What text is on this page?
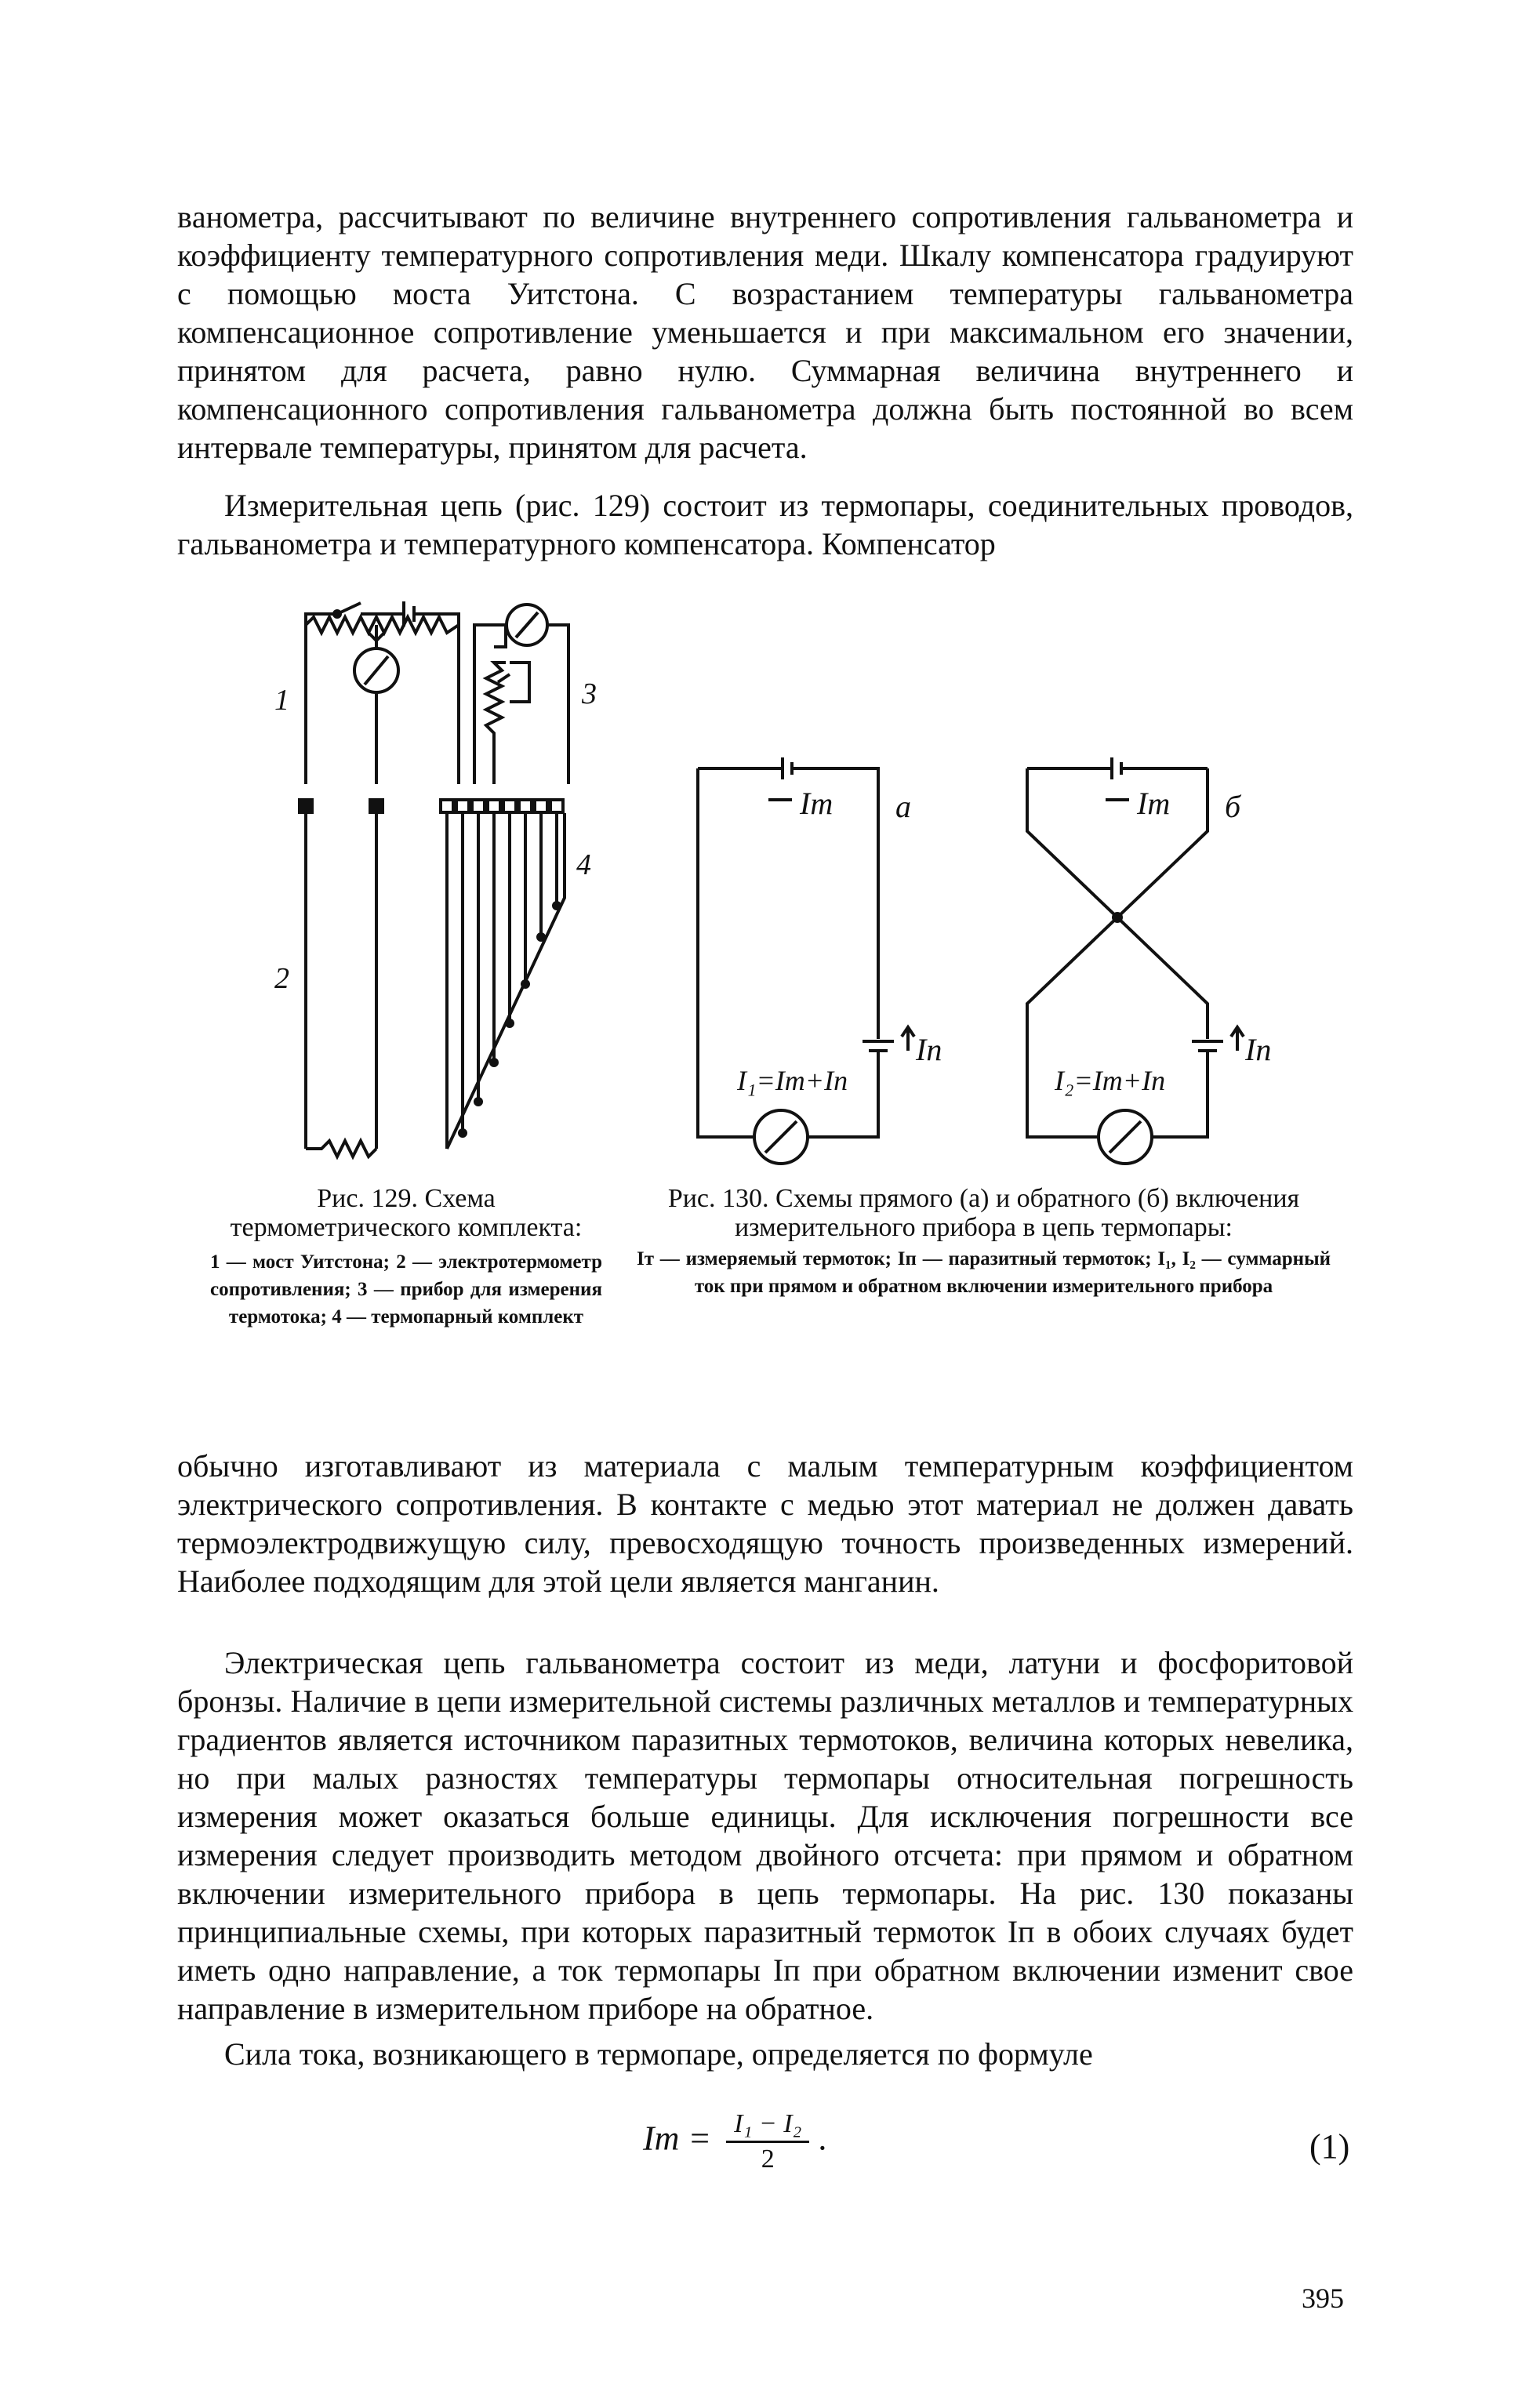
вaнометра, рассчитывают по величине внутреннего сопротивления гальванометра и коэффициенту температурного сопротивления меди. Шкалу компенсатора градуируют с помощью моста Уитстона. С возрастанием температуры гальванометра компенсационное сопротивление уменьшается и при максимальном его значении, принятом для расчета, равно нулю. Суммарная величина внутреннего и компенсационного сопротивления гальванометра должна быть постоянной во всем интервале температуры, принятом для расчета.
Измерительная цепь (рис. 129) состоит из термопары, соединительных проводов, гальванометра и температурного компенсатора. Компенсатор
1	3
4
2
Iт а
Iп
I₁=Iт+Iп
Iт б
Iп
I₂=Iт+Iп
Рис. 129. Схема термометрического комплекта:
1 — мост Уитстона; 2 — электротермометр сопротивления; 3 — прибор для измерения термотока; 4 — термопарный комплект
Рис. 130. Схемы прямого (а) и обратного (б) включения измерительного прибора в цепь термопары:
Iт — измеряемый термоток; Iп — паразитный термоток; I₁, I₂ — суммарный ток при прямом и обратном включении измерительного прибора
обычно изготавливают из материала с малым температурным коэффициентом электрического сопротивления. В контакте с медью этот материал не должен давать термоэлектродвижущую силу, превосходящую точность произведенных измерений. Наиболее подходящим для этой цели является манганин.
Электрическая цепь гальванометра состоит из меди, латуни и фосфоритовой бронзы. Наличие в цепи измерительной системы различных металлов и температурных градиентов является источником паразитных термотоков, величина которых невелика, но при малых разностях температуры термопары относительная погрешность измерения может оказаться больше единицы. Для исключения погрешности все измерения следует производить методом двойного отсчета: при прямом и обратном включении измерительного прибора в цепь термопары. На рис. 130 показаны принципиальные схемы, при которых паразитный термоток Iп в обоих случаях будет иметь одно направление, а ток термопары Iп при обратном включении изменит свое направление в измерительном приборе на обратное.
Сила тока, возникающего в термопаре, определяется по формуле
Iт = $\frac{\text{I₁ − I₂}}{2}$ .	(1)
395
